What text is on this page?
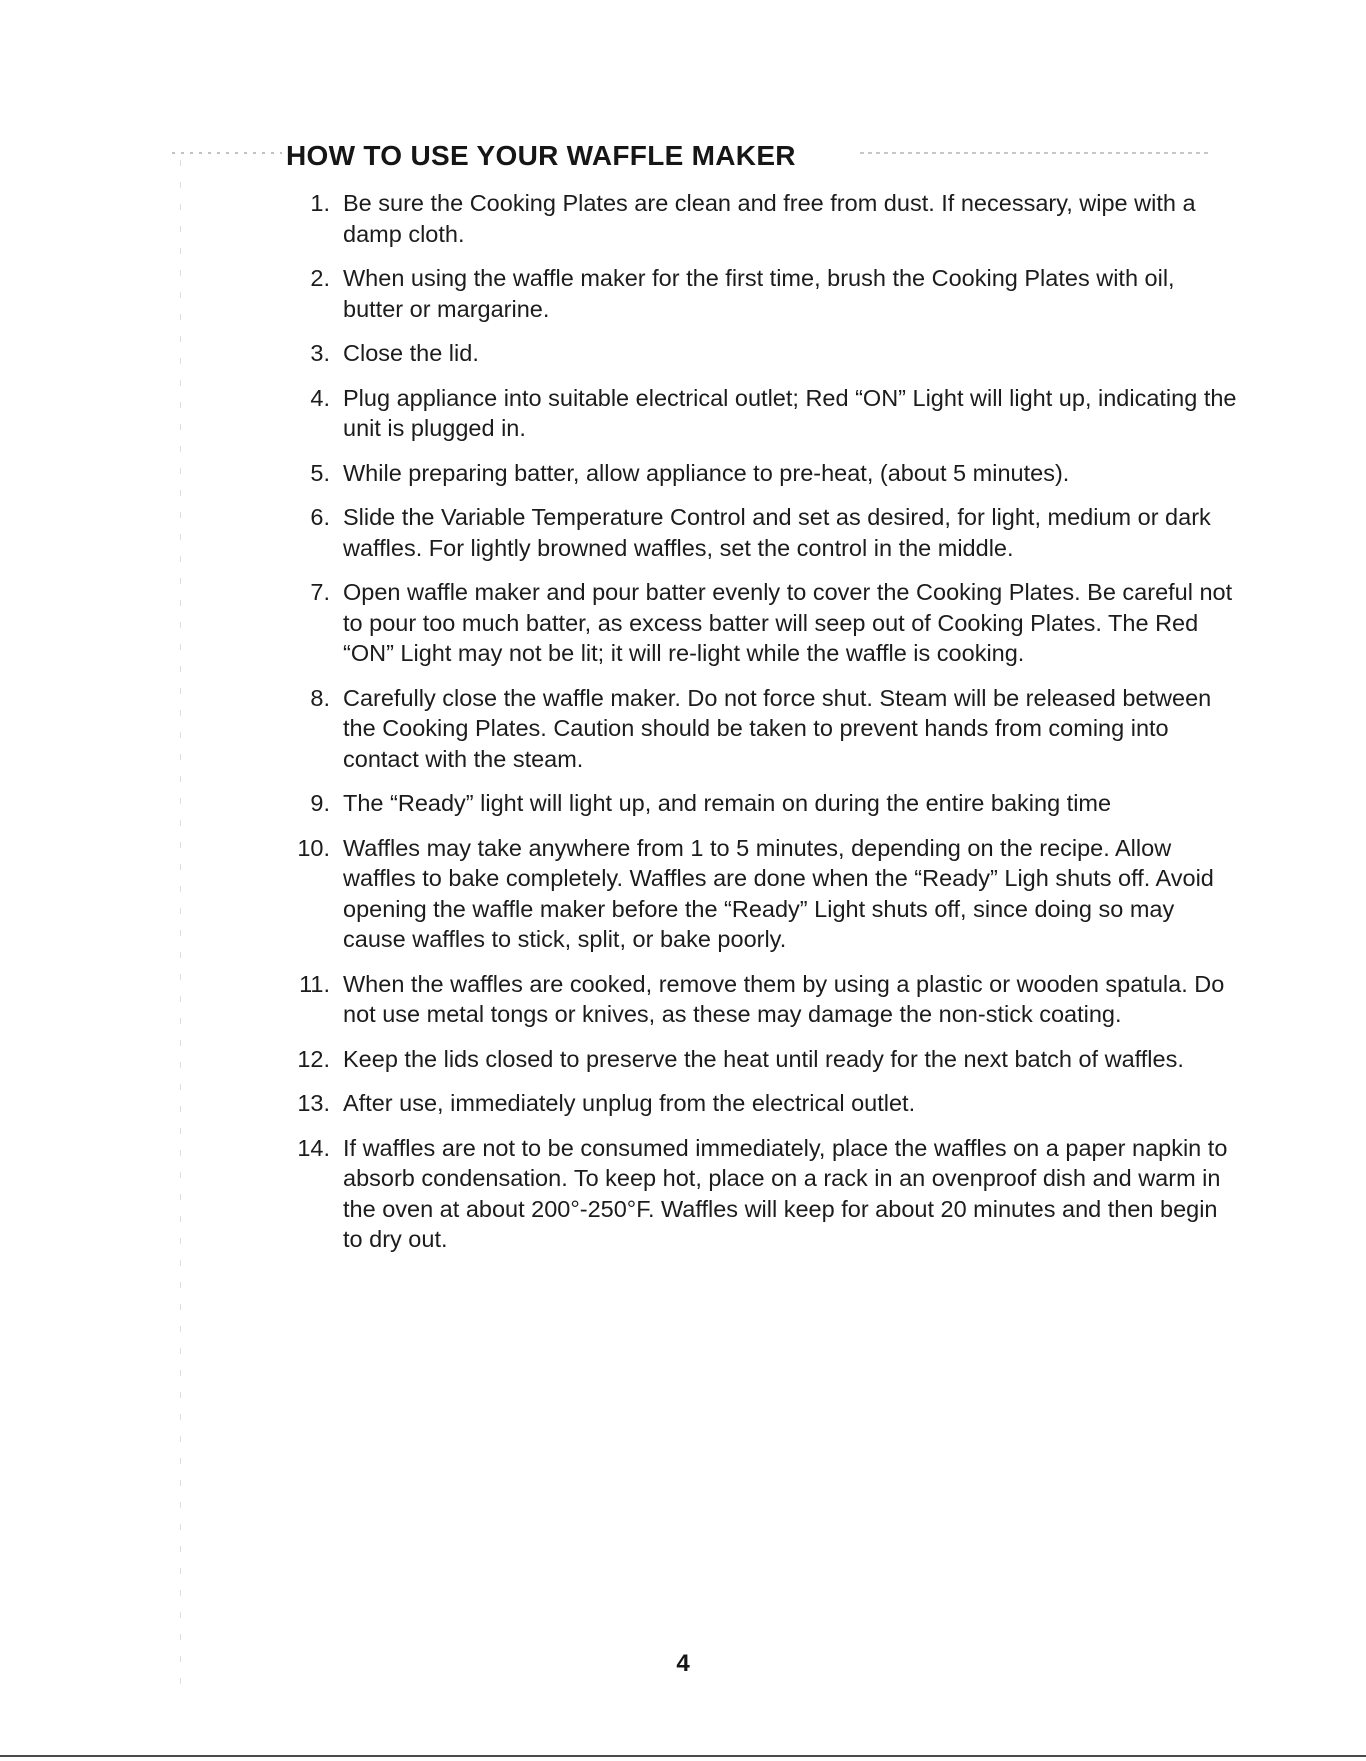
HOW TO USE YOUR WAFFLE MAKER
1. Be sure the Cooking Plates are clean and free from dust. If necessary, wipe with a damp cloth.
2. When using the waffle maker for the first time, brush the Cooking Plates with oil, butter or margarine.
3. Close the lid.
4. Plug appliance into suitable electrical outlet; Red “ON” Light will light up, indicating the unit is plugged in.
5. While preparing batter, allow appliance to pre-heat, (about 5 minutes).
6. Slide the Variable Temperature Control and set as desired, for light, medium or dark waffles. For lightly browned waffles, set the control in the middle.
7. Open waffle maker and pour batter evenly to cover the Cooking Plates. Be careful not to pour too much batter, as excess batter will seep out of Cooking Plates. The Red “ON” Light may not be lit; it will re-light while the waffle is cooking.
8. Carefully close the waffle maker. Do not force shut. Steam will be released between the Cooking Plates. Caution should be taken to prevent hands from coming into contact with the steam.
9. The “Ready” light will light up, and remain on during the entire baking time
10. Waffles may take anywhere from 1 to 5 minutes, depending on the recipe. Allow waffles to bake completely. Waffles are done when the “Ready” Ligh shuts off. Avoid opening the waffle maker before the “Ready” Light shuts off, since doing so may cause waffles to stick, split, or bake poorly.
11. When the waffles are cooked, remove them by using a plastic or wooden spatula. Do not use metal tongs or knives, as these may damage the non-stick coating.
12. Keep the lids closed to preserve the heat until ready for the next batch of waffles.
13. After use, immediately unplug from the electrical outlet.
14. If waffles are not to be consumed immediately, place the waffles on a paper napkin to absorb condensation. To keep hot, place on a rack in an ovenproof dish and warm in the oven at about 200°-250°F. Waffles will keep for about 20 minutes and then begin to dry out.
4
